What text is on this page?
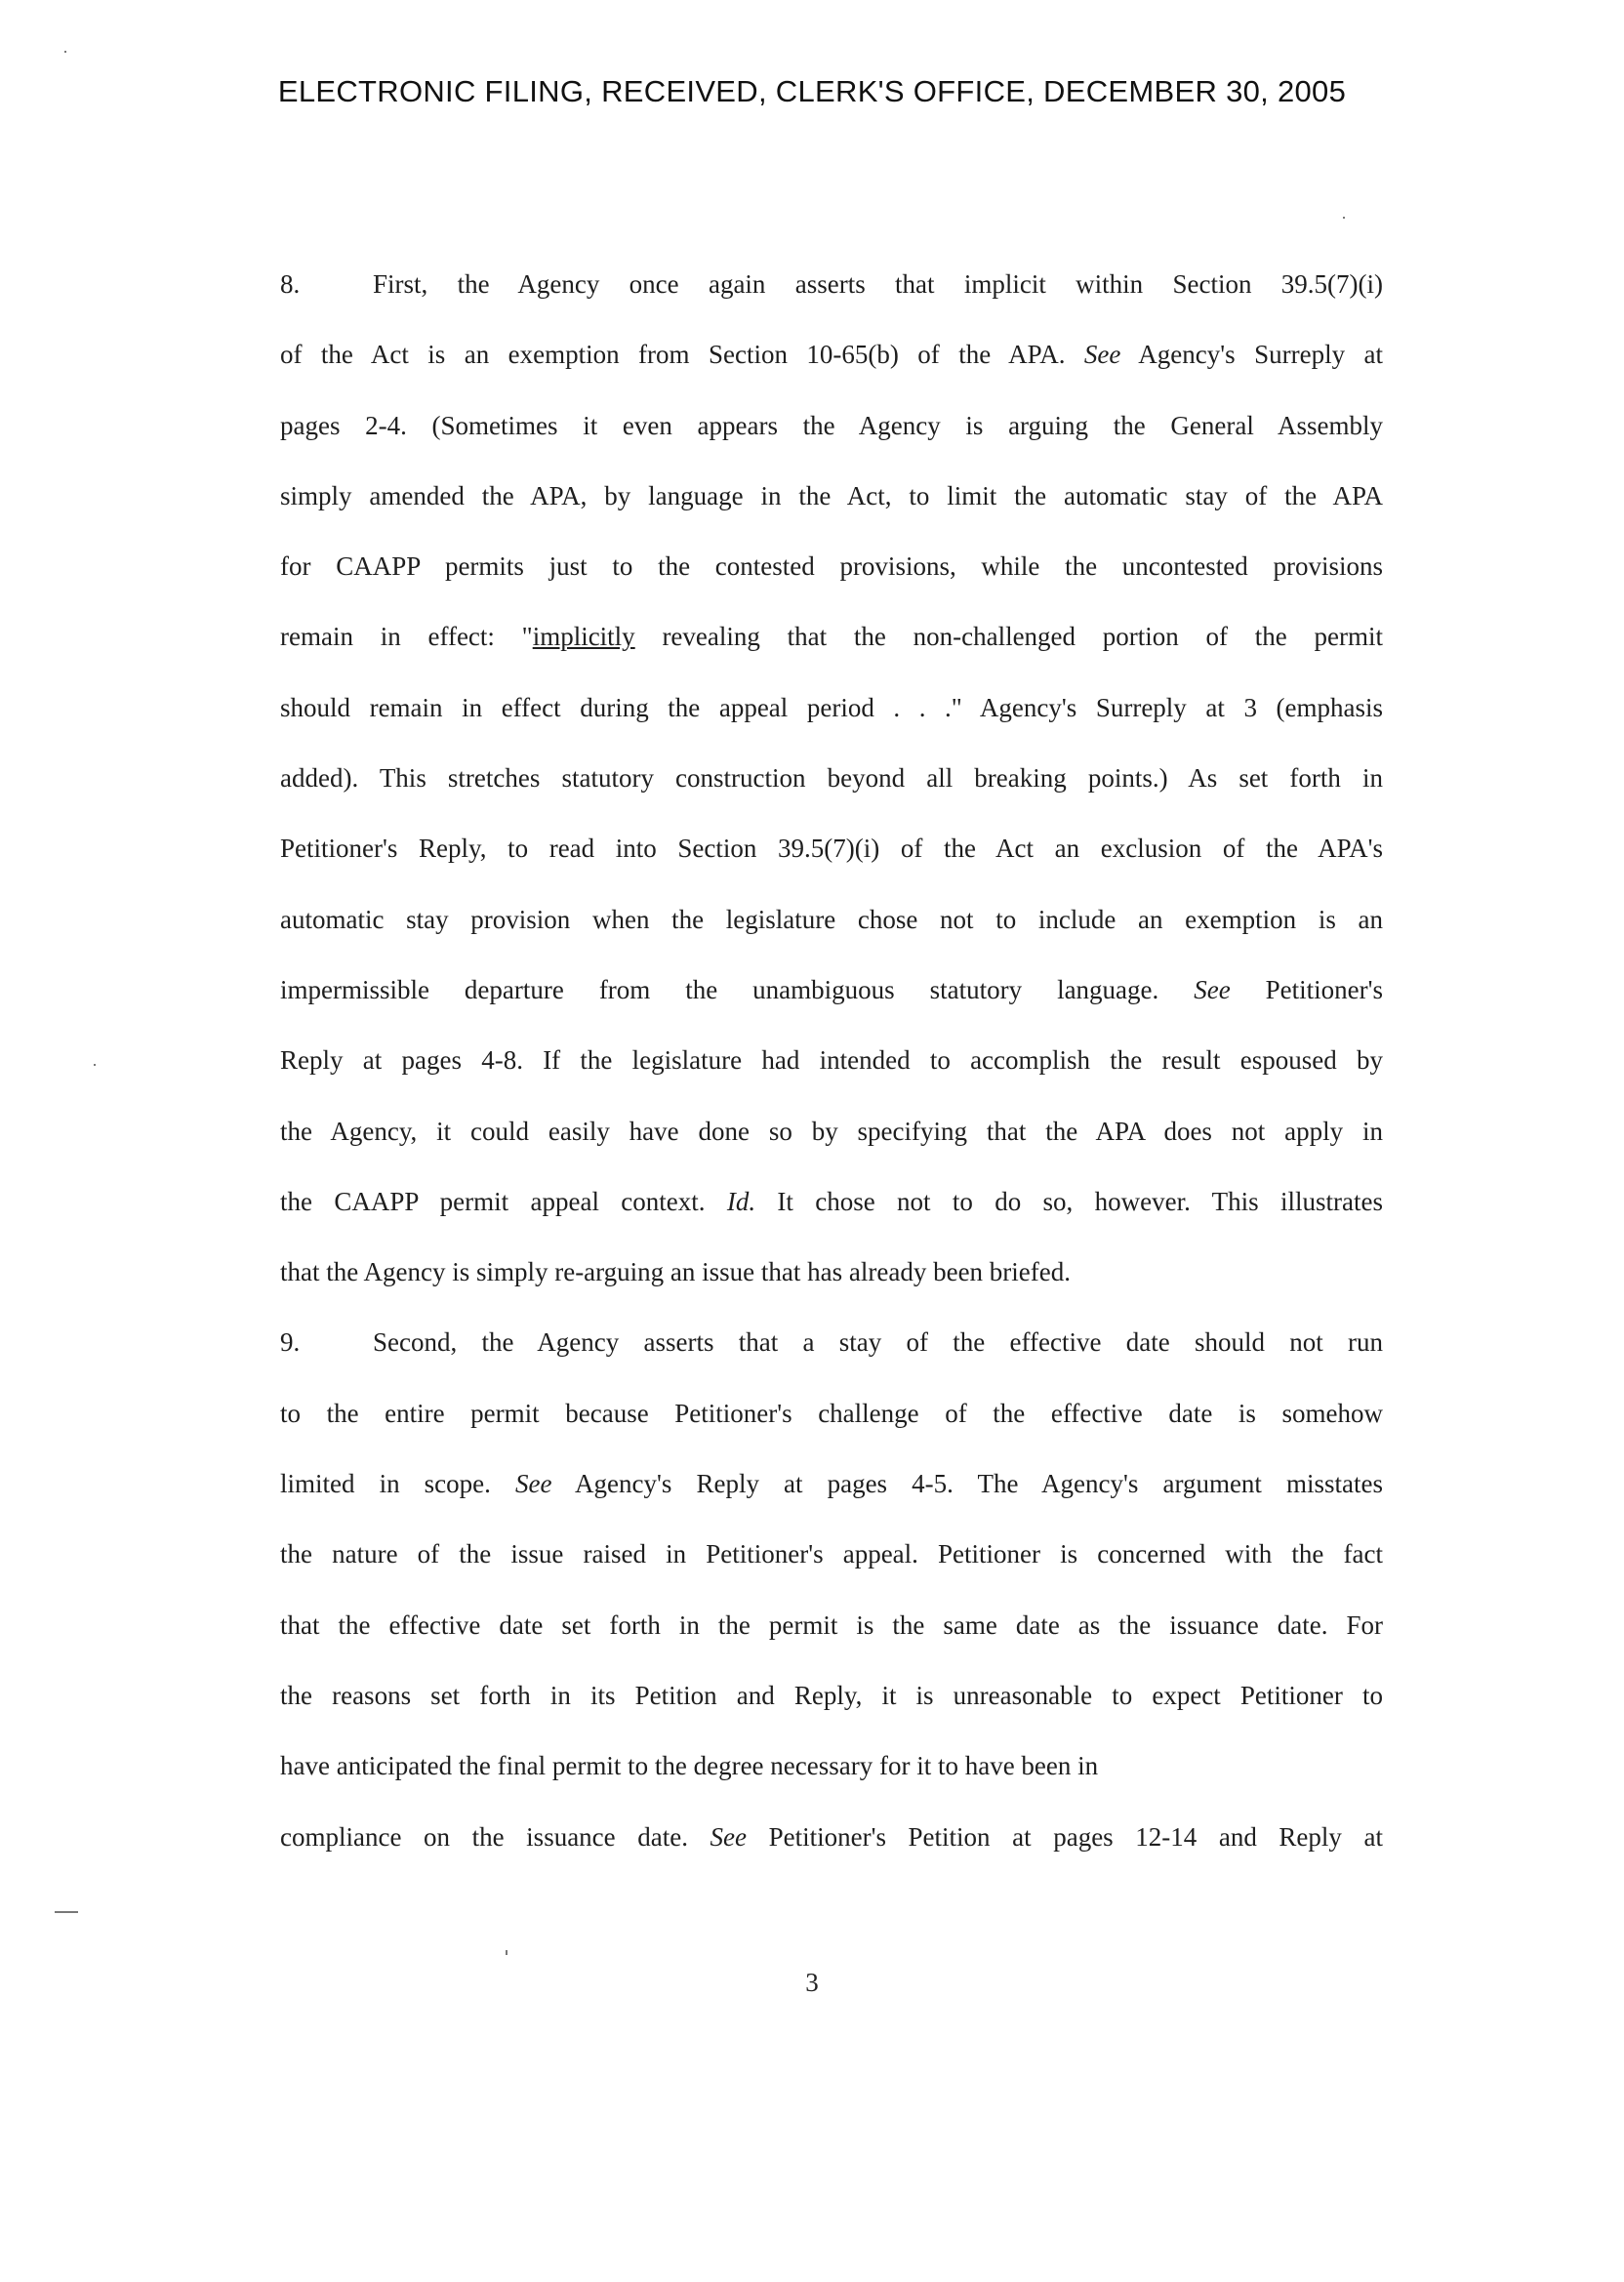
ELECTRONIC FILING, RECEIVED, CLERK'S OFFICE, DECEMBER 30, 2005
8.	First, the Agency once again asserts that implicit within Section 39.5(7)(i)
of the Act is an exemption from Section 10-65(b) of the APA. See Agency's Surreply at
pages 2-4. (Sometimes it even appears the Agency is arguing the General Assembly
simply amended the APA, by language in the Act, to limit the automatic stay of the APA
for CAAPP permits just to the contested provisions, while the uncontested provisions
remain in effect: "implicitly revealing that the non-challenged portion of the permit
should remain in effect during the appeal period . . ." Agency's Surreply at 3 (emphasis
added). This stretches statutory construction beyond all breaking points.) As set forth in
Petitioner's Reply, to read into Section 39.5(7)(i) of the Act an exclusion of the APA's
automatic stay provision when the legislature chose not to include an exemption is an
impermissible departure from the unambiguous statutory language. See Petitioner's
Reply at pages 4-8. If the legislature had intended to accomplish the result espoused by
the Agency, it could easily have done so by specifying that the APA does not apply in
the CAAPP permit appeal context. Id. It chose not to do so, however. This illustrates
that the Agency is simply re-arguing an issue that has already been briefed.
9.	Second, the Agency asserts that a stay of the effective date should not run
to the entire permit because Petitioner's challenge of the effective date is somehow
limited in scope. See Agency's Reply at pages 4-5. The Agency's argument misstates
the nature of the issue raised in Petitioner's appeal. Petitioner is concerned with the fact
that the effective date set forth in the permit is the same date as the issuance date. For
the reasons set forth in its Petition and Reply, it is unreasonable to expect Petitioner to
have anticipated the final permit to the degree necessary for it to have been in
compliance on the issuance date. See Petitioner's Petition at pages 12-14 and Reply at
3
